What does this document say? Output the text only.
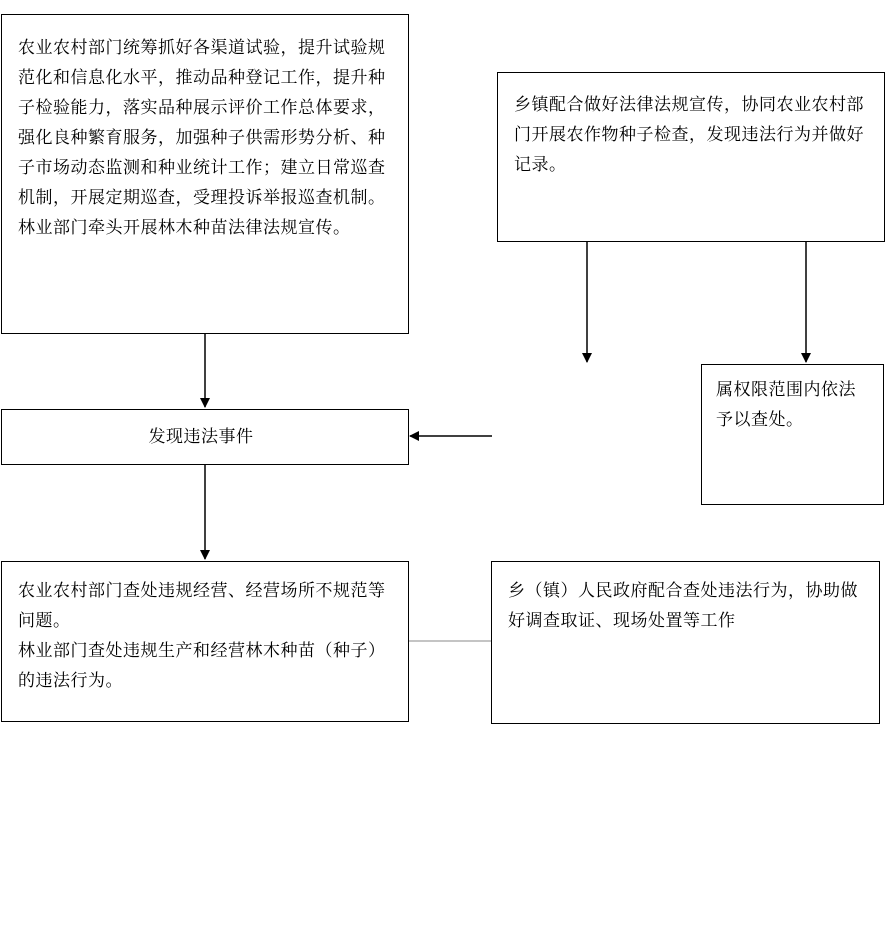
农业农村部门统筹抓好各渠道试验，提升试验规范化和信息化水平，推动品种登记工作，提升种子检验能力，落实品种展示评价工作总体要求，强化良种繁育服务，加强种子供需形势分析、种子市场动态监测和种业统计工作；建立日常巡查机制，开展定期巡查，受理投诉举报巡查机制。

林业部门牵头开展林木种苗法律法规宣传。

乡镇配合做好法律法规宣传，协同农业农村部门开展农作物种子检查，发现违法行为并做好记录。

属权限范围内依法予以查处。

发现违法事件

农业农村部门查处违规经营、经营场所不规范等问题。

林业部门查处违规生产和经营林木种苗（种子）的违法行为。

乡（镇）人民政府配合查处违法行为，协助做好调查取证、现场处置等工作
